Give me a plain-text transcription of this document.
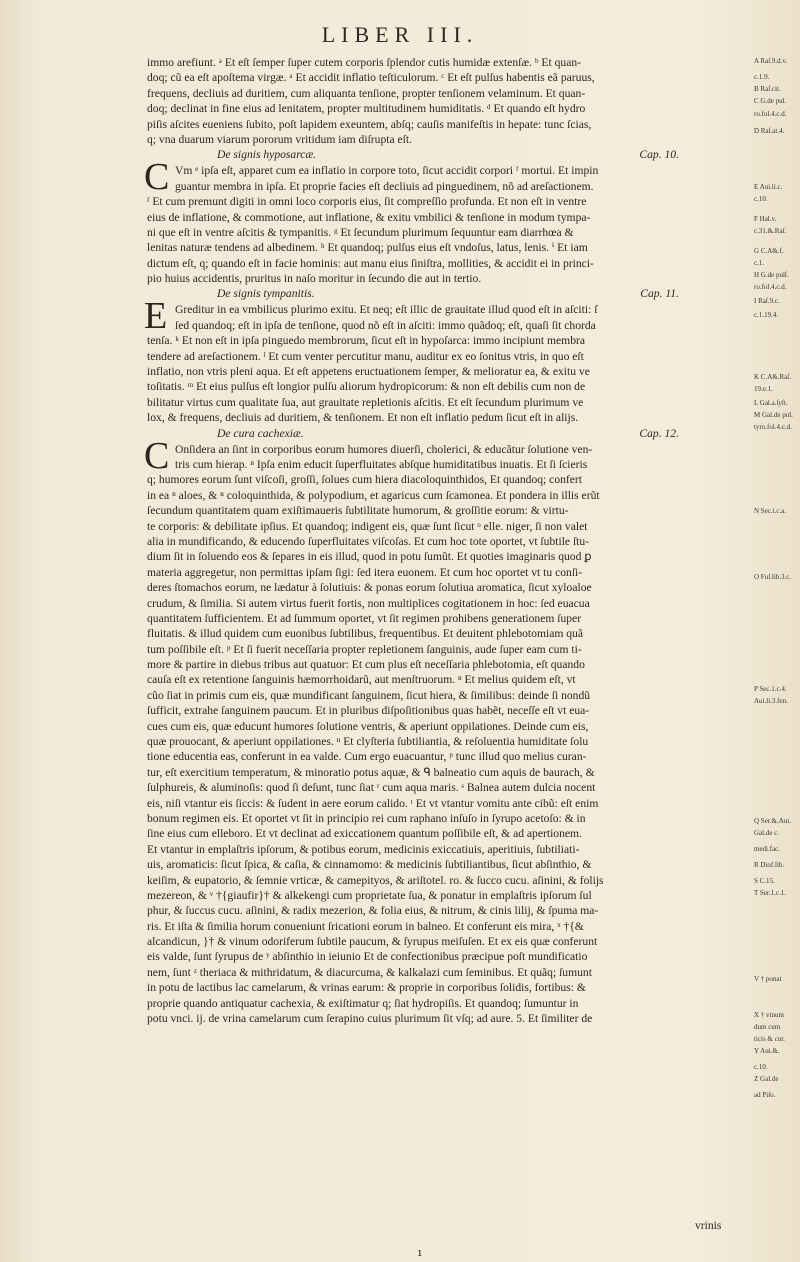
LIBER III.
immo arefiunt. ᵃ Et eſt ſemper ſuper cutem corporis ſplendor cutis humidæ extenſæ. ᵇ Et quan-
doq; cũ ea eſt apoſtema virgæ. ᵃ Et accidit inflatio teſticulorum. ᶜ Et eſt pulſus habentis eã paruus,
frequens, decliuis ad duritiem, cum aliquanta tenſione, propter tenſionem velaminum. Et quan-
doq; declinat in fine eius ad lenitatem, propter multitudinem humiditatis. ᵈ Et quando eſt hydro
piſis aſcites eueniens ſubito, poſt lapidem exeuntem, abſq; cauſis manifeſtis in hepate: tunc ſcias,
q; vna duarum viarum pororum vritidum iam diſrupta eſt.
De signis hyposarcæ.	Cap. 10.
C Vm ᵉ ipſa eſt, apparet cum ea inflatio in corpore toto, ſicut accidit corpori ᶠ mortui. Et impin
guantur membra in ipſa. Et proprie facies eſt decliuis ad pinguedinem, nõ ad areſactionem.
ᶠ Et cum premunt digiti in omni loco corporis eius, ſit compreſſio profunda. Et non eſt in ventre
eius de inflatione, & commotione, aut inflatione, & exitu vmbilici & tenſione in modum tympa-
ni que eſt in ventre aſcitis & tympanitis. ᵍ Et ſecundum plurimum ſequuntur eam diarrhœa &
lenitas naturæ tendens ad albedinem. ʰ Et quandoq; pulſus eius eſt vndoſus, latus, lenis. ⁱ Et iam
dictum eſt, q; quando eſt in facie hominis: aut manu eius ſiniſtra, mollities, & accidit ei in princi-
pio huius accidentis, pruritus in naſo moritur in ſecundo die aut in tertio.
De signis tympanitis.	Cap. 11.
E Greditur in ea vmbilicus plurimo exitu. Et neq; eſt illic de grauitate illud quod eſt in aſciti: ſ
ſed quandoq; eſt in ipſa de tenſione, quod nõ eſt in aſciti: immo quãdoq; eſt, quaſi ſit chorda
tenſa. ᵏ Et non eſt in ipſa pinguedo membrorum, ſicut eſt in hypoſarca: immo incipiunt membra
tendere ad areſactionem. ˡ Et cum venter percutitur manu, auditur ex eo ſonitus vtris, in quo eſt
inflatio, non vtris pleni aqua. Et eſt appetens eructuationem ſemper, & melioratur ea, & exitu ve
toſitatis. ᵐ Et eius pulſus eſt longior pulſu aliorum hydropicorum: & non eſt debilis cum non de
bilitatur virtus cum qualitate ſua, aut grauitate repletionis aſcitis. Et eſt ſecundum plurimum ve
lox, & frequens, decliuis ad duritiem, & tenſionem. Et non eſt inflatio pedum ſicut eſt in alijs.
De cura cachexiæ.	Cap. 12.
C Onſidera an ſint in corporibus eorum humores diuerſi, cholerici, & educãtur ſolutione ven-
tris cum hierap. ⁿ Ipſa enim educit ſuperfluitates abſque humiditatibus inuatis. Et ſi ſcieris
q; humores eorum ſunt viſcoſi, groſſi, ſolues cum hiera diacoloquinthidos, Et quandoq; confert
in ea ⁿ aloes, & ⁿ coloquinthida, & polypodium, et agaricus cum ſcamonea. Et pondera in illis erũt
ſecundum quantitatem quam exiſtimaueris ſubtilitate humorum, & groſſitie eorum: & virtu-
te corporis: & debilitate ipſius. Et quandoq; indigent eis, quæ ſunt ſicut ᵒ elle. niger, ſi non valet
alia in mundificando, & educendo ſuperfluitates viſcoſas. Et cum hoc tote oportet, vt ſubtile ſtu-
dium ſit in ſoluendo eos & ſepares in eis illud, quod in potu ſumũt. Et quoties imaginaris quod ꝑ
materia aggregetur, non permittas ipſam ſigi: ſed itera euonem. Et cum hoc oportet vt tu conſi-
deres ſtomachos eorum, ne lædatur à ſolutiuis: & ponas eorum ſolutiua aromatica, ſicut xyloaloe
crudum, & ſimilia. Si autem virtus fuerit fortis, non multiplices cogitationem in hoc: ſed euacua
quantitatem ſufficientem. Et ad ſummum oportet, vt ſit regimen prohibens generationem ſuper
fluitatis. & illud quidem cum euonibus ſubtilibus, frequentibus. Et deuitent phlebotomiam quã
tum poſſibile eſt. ᵖ Et ſi fuerit neceſſaria propter repletionem ſanguinis, aude ſuper eam cum ti-
more & partire in diebus tribus aut quatuor: Et cum plus eſt neceſſaria phlebotomia, eſt quando
cauſa eſt ex retentione ſanguinis hæmorrhoidarũ, aut menſtruorum. ⁿ Et melius quidem eſt, vt
cũo ſiat in primis cum eis, quæ mundificant ſanguinem, ſicut hiera, & ſimilibus: deinde ſi nondũ
ſufficit, extrahe ſanguinem paucum. Et in pluribus diſpoſitionibus quas habẽt, neceſſe eſt vt eua-
cues cum eis, quæ educunt humores ſolutione ventris, & aperiunt oppilationes. Deinde cum eis,
quæ prouocant, & aperiunt oppilationes. ⁿ Et clyſteria ſubtiliantia, & reſoluentia humiditate ſolu
tione educentia eas, conferunt in ea valde. Cum ergo euacuantur, ᵖ tunc illud quo melius curan-
tur, eſt exercitium temperatum, & minoratio potus aquæ, & ᑫ balneatio cum aquis de baurach, &
ſulphureis, & aluminoſis: quod ſi deſunt, tunc ſiat ʳ cum aqua maris. ˢ Balnea autem dulcia nocent
eis, niſi vtantur eis ſiccis: & ſudent in aere eorum calido. ᵗ Et vt vtantur vomitu ante cibũ: eſt enim
bonum regimen eis. Et oportet vt ſit in principio rei cum raphano inſuſo in ſyrupo acetoſo: & in
ſine eius cum elleboro. Et vt declinat ad exiccationem quantum poſſibile eſt, & ad apertionem.
Et vtantur in emplaſtris ipſorum, & potibus eorum, medicinis exiccatiuis, aperitiuis, ſubtiliati-
uis, aromaticis: ſicut ſpica, & caſia, & cinnamomo: & medicinis ſubtiliantibus, ſicut abſinthio, &
keiſim, & eupatorio, & ſemnie vrticæ, & camepityos, & ariſtotel. ro. & ſucco cucu. aſinini, & folijs
mezereon, & ᵛ †{giaufir}† & alkekengi cum proprietate ſua, & ponatur in emplaſtris ipſorum ſul
phur, & ſuccus cucu. aſinini, & radix mezerion, & folia eius, & nitrum, & cinis lilij, & ſpuma ma-
ris. Et iſta & ſimilia horum conueniunt ſricationi eorum in balneo. Et conferunt eis mira, ˣ †{&
alcandicun, }† & vinum odoriferum ſubtile paucum, & ſyrupus meiſuſen. Et ex eis quæ conferunt
eis valde, ſunt ſyrupus de ʸ abſinthio in ieiunio Et de confectionibus præcipue poſt mundificatio
nem, ſunt ᶻ theriaca & mithridatum, & diacurcuma, & kalkalazi cum ſeminibus. Et quãq; ſumunt
in potu de lactibus lac camelarum, & vrinas earum: & proprie in corporibus ſolidis, fortibus: &
proprie quando antiquatur cachexia, & exiſtimatur q; ſiat hydropiſis. Et quandoq; ſumuntur in
potu vnci. ij. de vrina camelarum cum ſerapino cuius plurimum ſit vſq; ad aure. 5. Et ſimiliter de
A Raſ.9.d.v.
c.1.9.
B Raſ.cit.
C G.de pul.
ro.fol.4.c.d.
D Raſ.at.4.
E Aui.li.c.
c.10.
F Hal.v.
c.31.&.Raſ.
G C.A&.f.
c.1.
H G.de pulſ.
ro.fol.4.c.d.
I Raſ.9.c.
c.1.19.4.
K C.A&.Raſ.
19.e.1.
L Gal.a.ſyſt.
M Gal.de pul.
tyro.fol.4.c.d.
N Sec.i.c.a.
O Fuſ.lib.3.c.
P Sec.1.c.4.
Aui.li.3.fen.
Q Ser.&.Aui.
Gal.de c.
medi.fac.
R Diof.lib.
S C.15.
T Ser.1.c.1.
V † ponat
X † vinum
dum cum
ticis & cur.
Y Aui.&.
c.10.
Z Gal.de
ad Piſo.
vrinis
ı
